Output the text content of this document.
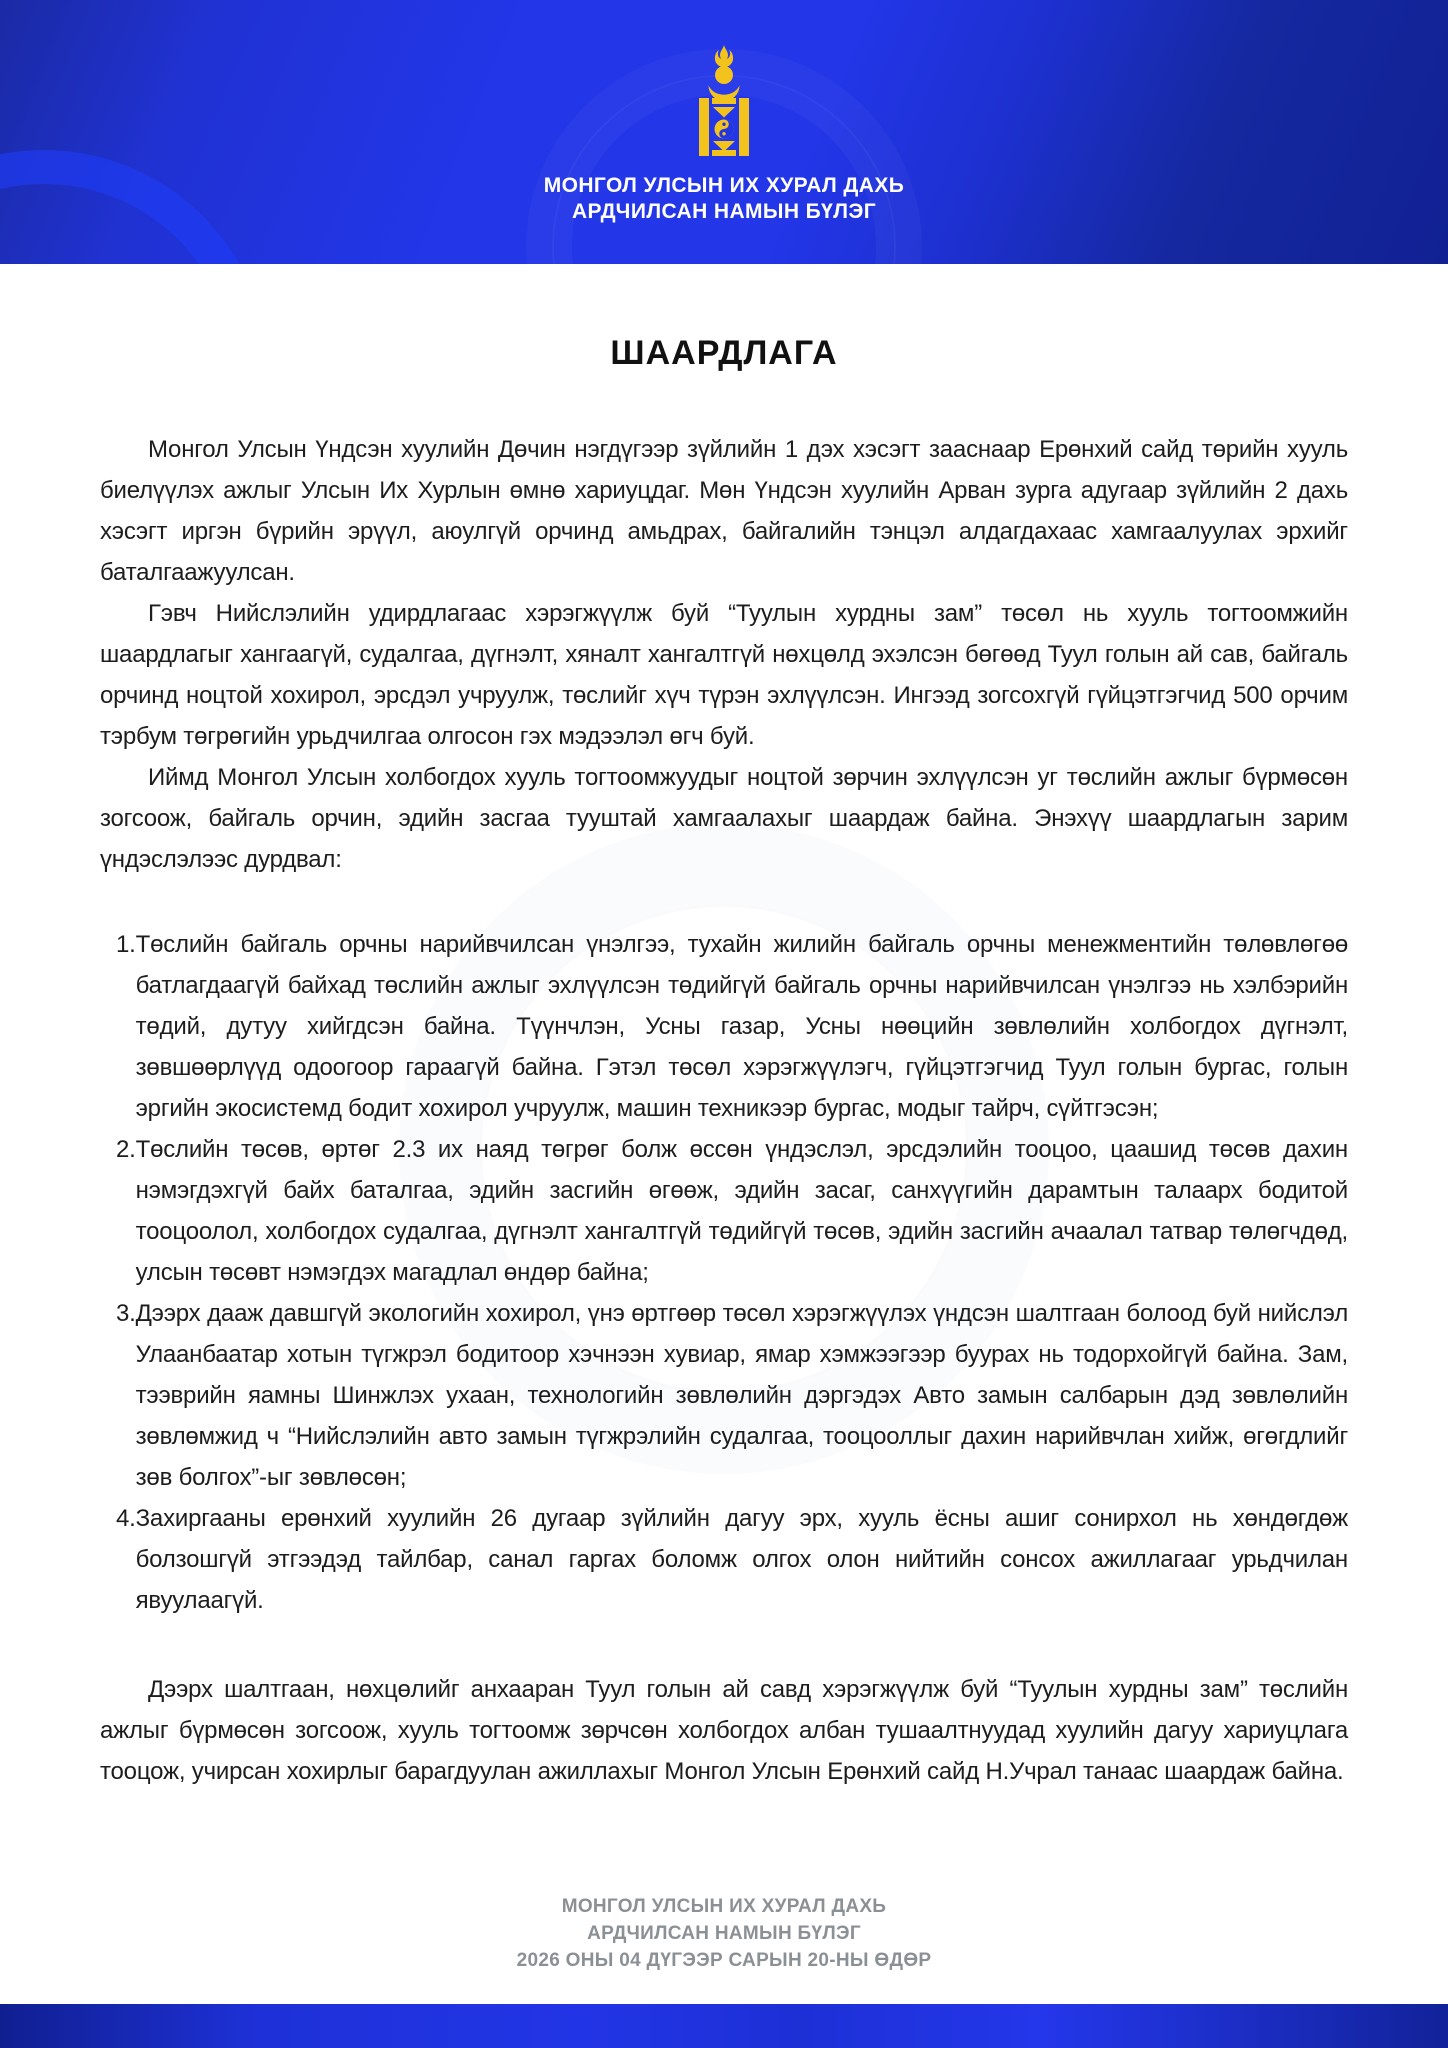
МОНГОЛ УЛСЫН ИХ ХУРАЛ ДАХЬ
АРДЧИЛСАН НАМЫН БҮЛЭГ
ШААРДЛАГА

Монгол Улсын Үндсэн хуулийн Дөчин нэгдүгээр зүйлийн 1 дэх хэсэгт зааснаар Ерөнхий сайд төрийн хууль биелүүлэх ажлыг Улсын Их Хурлын өмнө хариуцдаг. Мөн Үндсэн хуулийн Арван зурга адугаар зүйлийн 2 дахь хэсэгт иргэн бүрийн эрүүл, аюулгүй орчинд амьдрах, байгалийн тэнцэл алдагдахаас хамгаалуулах эрхийг баталгаажуулсан.

Гэвч Нийслэлийн удирдлагаас хэрэгжүүлж буй “Туулын хурдны зам” төсөл нь хууль тогтоомжийн шаардлагыг хангаагүй, судалгаа, дүгнэлт, хяналт хангалтгүй нөхцөлд эхэлсэн бөгөөд Туул голын ай сав, байгаль орчинд ноцтой хохирол, эрсдэл учруулж, төслийг хүч түрэн эхлүүлсэн. Ингээд зогсохгүй гүйцэтгэгчид 500 орчим тэрбум төгрөгийн урьдчилгаа олгосон гэх мэдээлэл өгч буй.

Иймд Монгол Улсын холбогдох хууль тогтоомжуудыг ноцтой зөрчин эхлүүлсэн уг төслийн ажлыг бүрмөсөн зогсоож, байгаль орчин, эдийн засгаа тууштай хамгаалахыг шаардаж байна. Энэхүү шаардлагын зарим үндэслэлээс дурдвал:

1. Төслийн байгаль орчны нарийвчилсан үнэлгээ, тухайн жилийн байгаль орчны менежментийн төлөвлөгөө батлагдаагүй байхад төслийн ажлыг эхлүүлсэн төдийгүй байгаль орчны нарийвчилсан үнэлгээ нь хэлбэрийн төдий, дутуу хийгдсэн байна. Түүнчлэн, Усны газар, Усны нөөцийн зөвлөлийн холбогдох дүгнэлт, зөвшөөрлүүд одоогоор гараагүй байна. Гэтэл төсөл хэрэгжүүлэгч, гүйцэтгэгчид Туул голын бургас, голын эргийн экосистемд бодит хохирол учруулж, машин техникээр бургас, модыг тайрч, сүйтгэсэн;
2. Төслийн төсөв, өртөг 2.3 их наяд төгрөг болж өссөн үндэслэл, эрсдэлийн тооцоо, цаашид төсөв дахин нэмэгдэхгүй байх баталгаа, эдийн засгийн өгөөж, эдийн засаг, санхүүгийн дарамтын талаарх бодитой тооцоолол, холбогдох судалгаа, дүгнэлт хангалтгүй төдийгүй төсөв, эдийн засгийн ачаалал татвар төлөгчдөд, улсын төсөвт нэмэгдэх магадлал өндөр байна;
3. Дээрх дааж давшгүй экологийн хохирол, үнэ өртгөөр төсөл хэрэгжүүлэх үндсэн шалтгаан болоод буй нийслэл Улаанбаатар хотын түгжрэл бодитоор хэчнээн хувиар, ямар хэмжээгээр буурах нь тодорхойгүй байна. Зам, тээврийн яамны Шинжлэх ухаан, технологийн зөвлөлийн дэргэдэх Авто замын салбарын дэд зөвлөлийн зөвлөмжид ч “Нийслэлийн авто замын түгжрэлийн судалгаа, тооцооллыг дахин нарийвчлан хийж, өгөгдлийг зөв болгох”-ыг зөвлөсөн;
4. Захиргааны ерөнхий хуулийн 26 дугаар зүйлийн дагуу эрх, хууль ёсны ашиг сонирхол нь хөндөгдөж болзошгүй этгээдэд тайлбар, санал гаргах боломж олгох олон нийтийн сонсох ажиллагааг урьдчилан явуулаагүй.

Дээрх шалтгаан, нөхцөлийг анхааран Туул голын ай савд хэрэгжүүлж буй “Туулын хурдны зам” төслийн ажлыг бүрмөсөн зогсоож, хууль тогтоомж зөрчсөн холбогдох албан тушаалтнуудад хуулийн дагуу хариуцлага тооцож, учирсан хохирлыг барагдуулан ажиллахыг Монгол Улсын Ерөнхий сайд Н.Учрал танаас шаардаж байна.

МОНГОЛ УЛСЫН ИХ ХУРАЛ ДАХЬ
АРДЧИЛСАН НАМЫН БҮЛЭГ
2026 ОНЫ 04 ДҮГЭЭР САРЫН 20-НЫ ӨДӨР
